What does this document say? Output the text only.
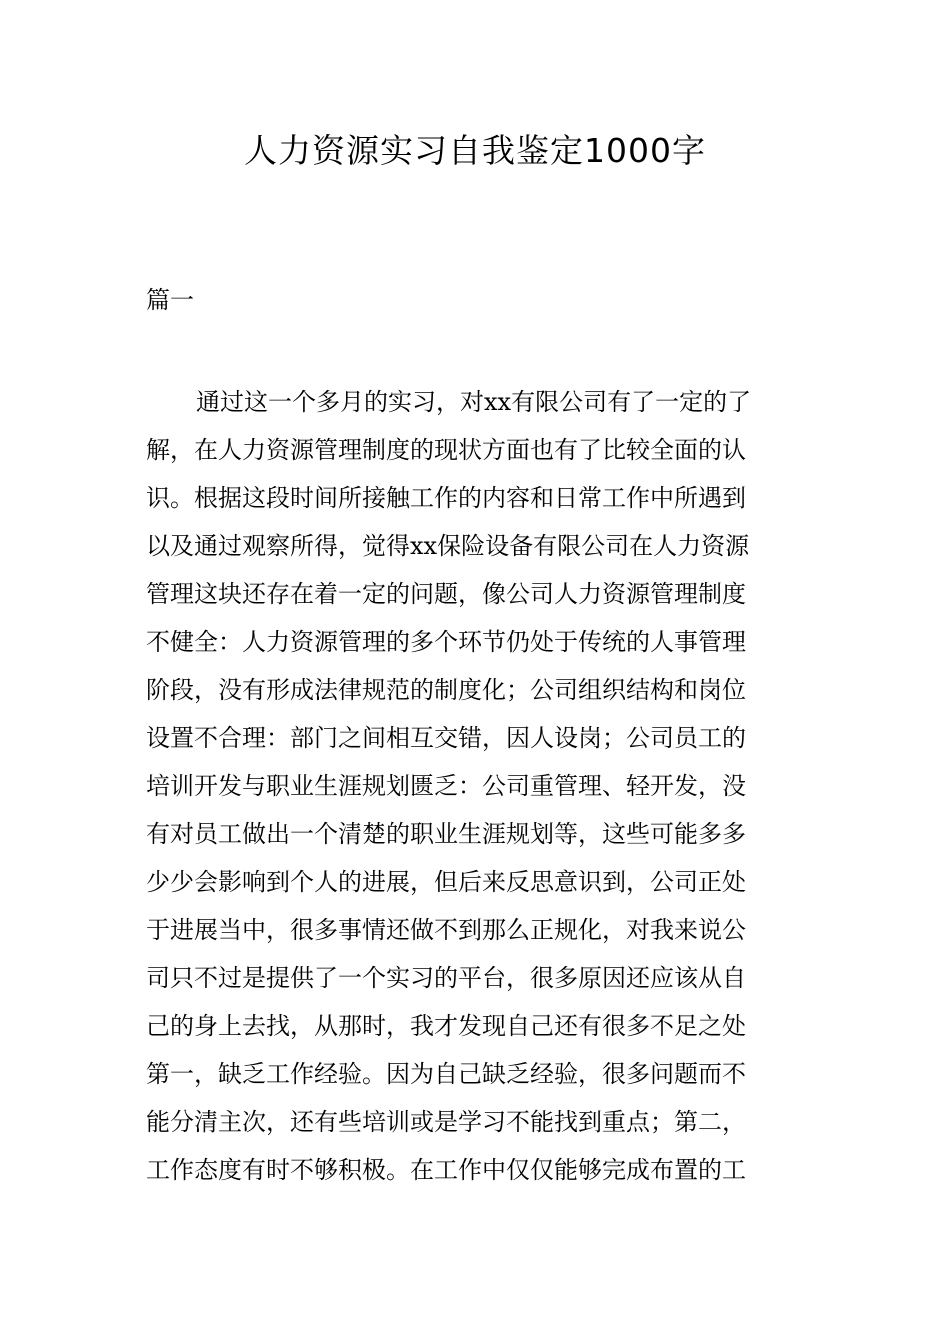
人力资源实习自我鉴定1000字
篇一
通过这一个多月的实习，对xx有限公司有了一定的了
解，在人力资源管理制度的现状方面也有了比较全面的认
识。根据这段时间所接触工作的内容和日常工作中所遇到
以及通过观察所得，觉得xx保险设备有限公司在人力资源
管理这块还存在着一定的问题，像公司人力资源管理制度
不健全：人力资源管理的多个环节仍处于传统的人事管理
阶段，没有形成法律规范的制度化；公司组织结构和岗位
设置不合理：部门之间相互交错，因人设岗；公司员工的
培训开发与职业生涯规划匮乏：公司重管理、轻开发，没
有对员工做出一个清楚的职业生涯规划等，这些可能多多
少少会影响到个人的进展，但后来反思意识到，公司正处
于进展当中，很多事情还做不到那么正规化，对我来说公
司只不过是提供了一个实习的平台，很多原因还应该从自
己的身上去找，从那时，我才发现自己还有很多不足之处
第一，缺乏工作经验。因为自己缺乏经验，很多问题而不
能分清主次，还有些培训或是学习不能找到重点；第二，
工作态度有时不够积极。在工作中仅仅能够完成布置的工
